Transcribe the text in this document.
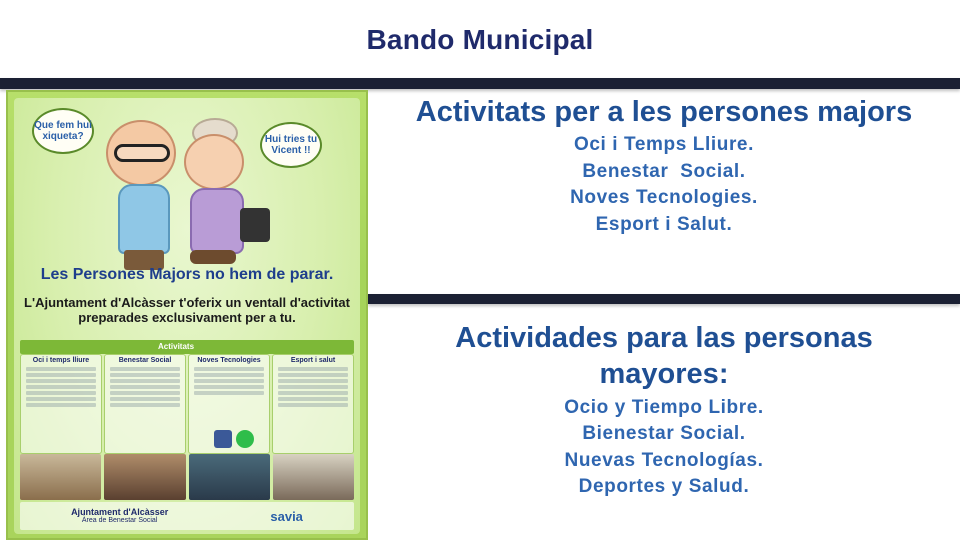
Bando Municipal
Que fem hui xiqueta?	Hui tries tu Vicent !!
Les Persones Majors no hem de parar.
L'Ajuntament d'Alcàsser t'oferix un ventall d'activitat preparades exclusivament per a tu.
Activitats
Oci i temps lliure	Benestar Social	Noves Tecnologies	Esport i salut
Ajuntament d'Alcàsser
Àrea de Benestar Social	savia
Activitats per a les persones majors
Oci i Temps Lliure.
Benestar  Social.
Noves Tecnologies.
Esport i Salut.
Actividades para las personas mayores:
Ocio y Tiempo Libre.
Bienestar Social.
Nuevas Tecnologías.
Deportes y Salud.
